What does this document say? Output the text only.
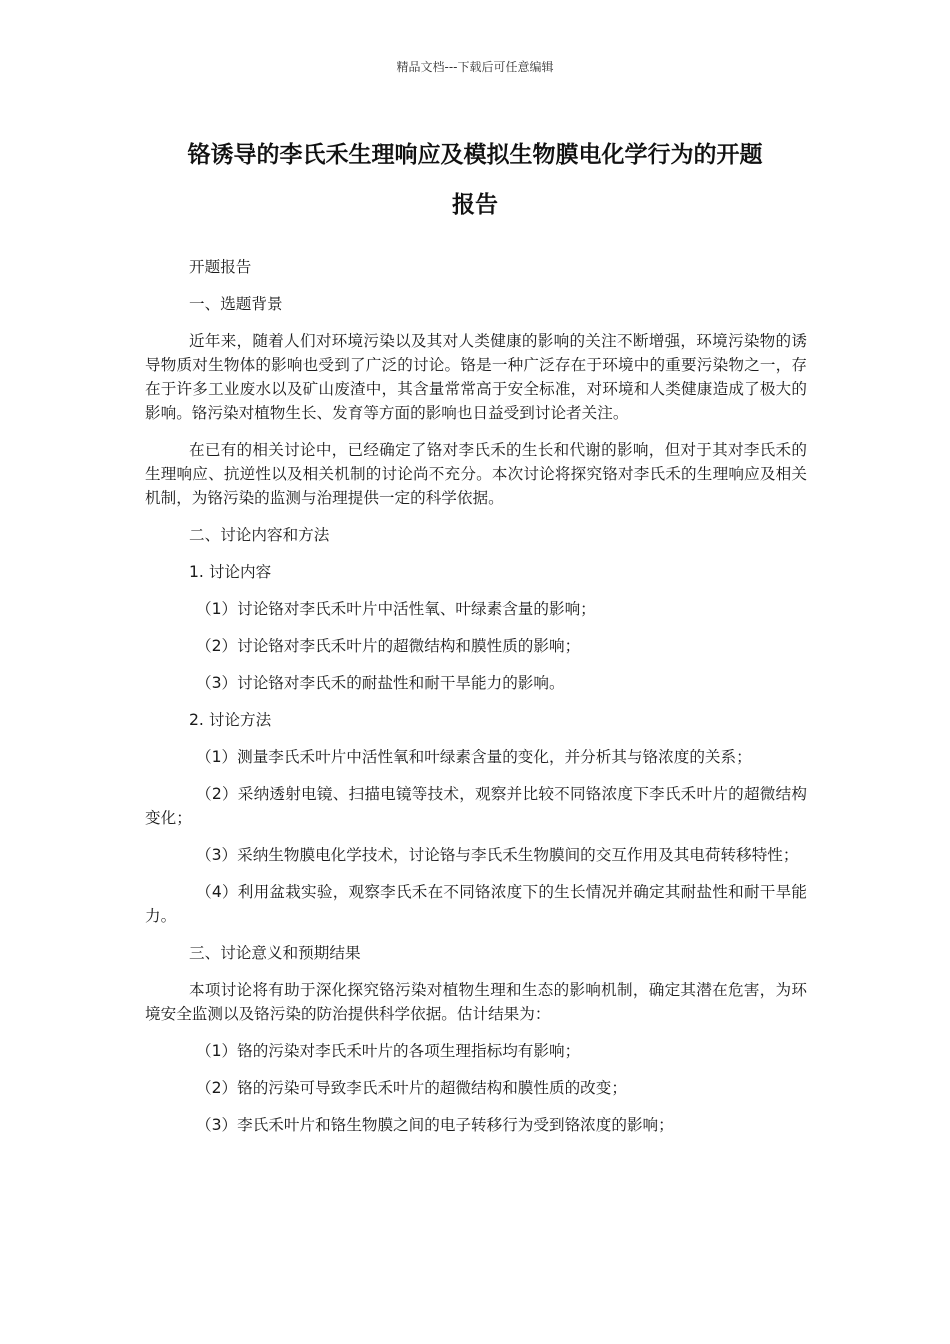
精品文档---下载后可任意编辑
铬诱导的李氏禾生理响应及模拟生物膜电化学行为的开题
报告

开题报告

一、选题背景

近年来，随着人们对环境污染以及其对人类健康的影响的关注不断增强，环境污染物的诱导物质对生物体的影响也受到了广泛的讨论。铬是一种广泛存在于环境中的重要污染物之一，存在于许多工业废水以及矿山废渣中，其含量常常高于安全标准，对环境和人类健康造成了极大的影响。铬污染对植物生长、发育等方面的影响也日益受到讨论者关注。

在已有的相关讨论中，已经确定了铬对李氏禾的生长和代谢的影响，但对于其对李氏禾的生理响应、抗逆性以及相关机制的讨论尚不充分。本次讨论将探究铬对李氏禾的生理响应及相关机制，为铬污染的监测与治理提供一定的科学依据。

二、讨论内容和方法

1. 讨论内容

（1）讨论铬对李氏禾叶片中活性氧、叶绿素含量的影响；

（2）讨论铬对李氏禾叶片的超微结构和膜性质的影响；

（3）讨论铬对李氏禾的耐盐性和耐干旱能力的影响。

2. 讨论方法

（1）测量李氏禾叶片中活性氧和叶绿素含量的变化，并分析其与铬浓度的关系；

（2）采纳透射电镜、扫描电镜等技术，观察并比较不同铬浓度下李氏禾叶片的超微结构变化；

（3）采纳生物膜电化学技术，讨论铬与李氏禾生物膜间的交互作用及其电荷转移特性；

（4）利用盆栽实验，观察李氏禾在不同铬浓度下的生长情况并确定其耐盐性和耐干旱能力。

三、讨论意义和预期结果

本项讨论将有助于深化探究铬污染对植物生理和生态的影响机制，确定其潜在危害，为环境安全监测以及铬污染的防治提供科学依据。估计结果为：

（1）铬的污染对李氏禾叶片的各项生理指标均有影响；

（2）铬的污染可导致李氏禾叶片的超微结构和膜性质的改变；

（3）李氏禾叶片和铬生物膜之间的电子转移行为受到铬浓度的影响；
